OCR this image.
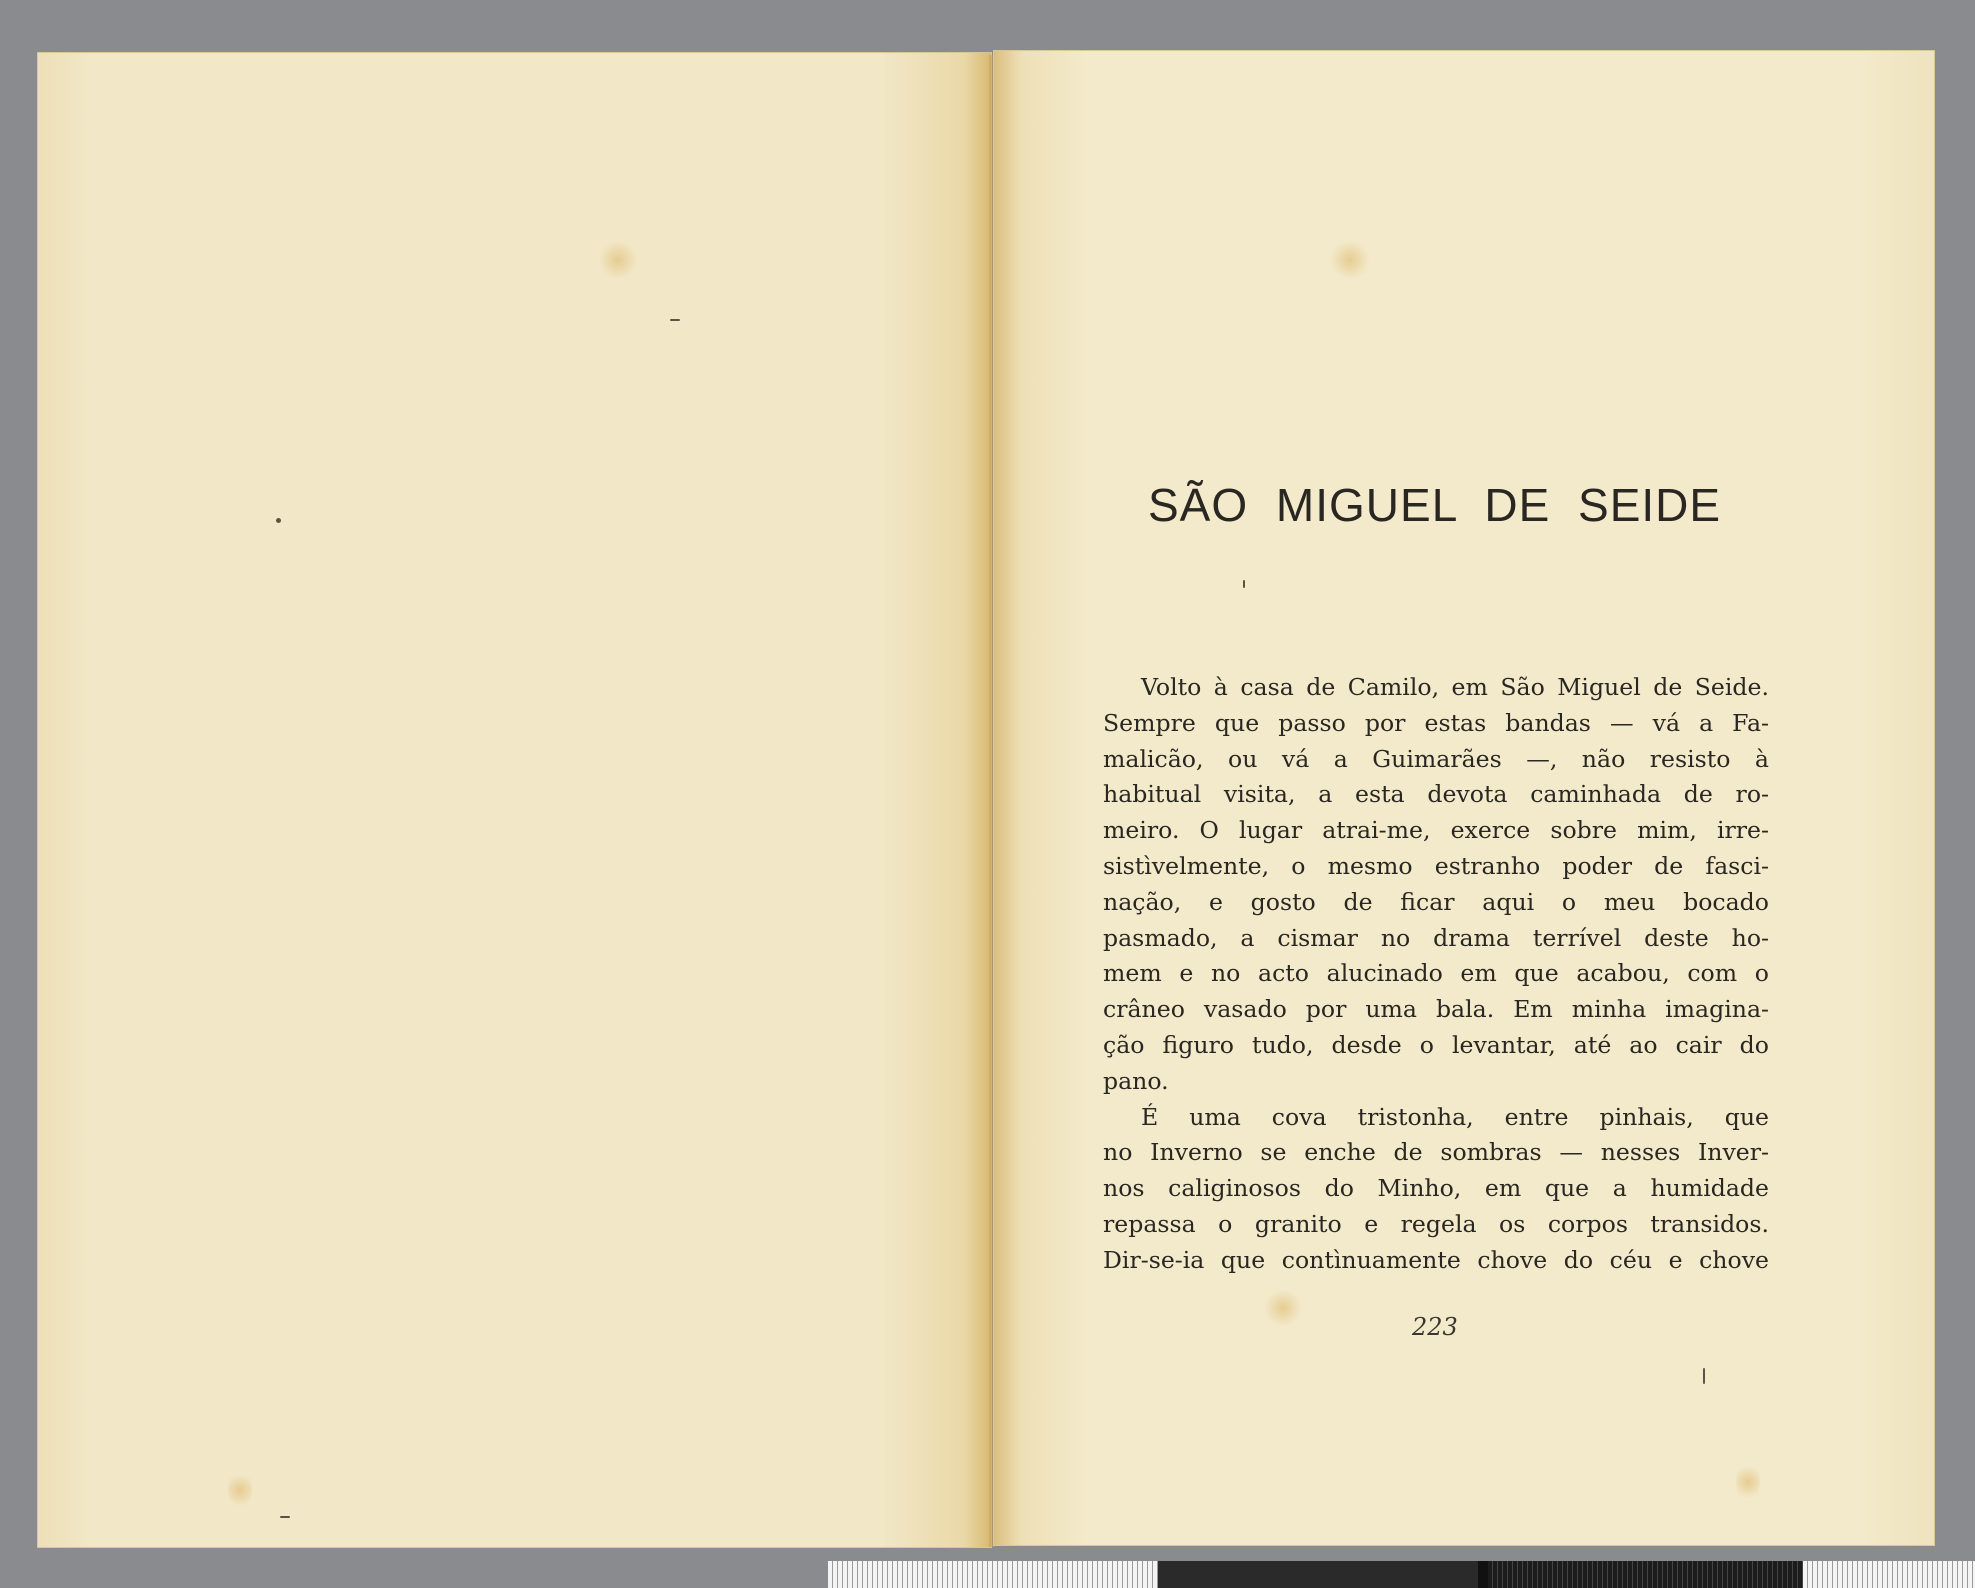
SÃO MIGUEL DE SEIDE
Volto à casa de Camilo, em São Miguel de Seide.
Sempre que passo por estas bandas — vá a Fa-
malicão, ou vá a Guimarães —, não resisto à
habitual visita, a esta devota caminhada de ro-
meiro. O lugar atrai-me, exerce sobre mim, irre-
sistìvelmente, o mesmo estranho poder de fasci-
nação, e gosto de ficar aqui o meu bocado
pasmado, a cismar no drama terrível deste ho-
mem e no acto alucinado em que acabou, com o
crâneo vasado por uma bala. Em minha imagina-
ção figuro tudo, desde o levantar, até ao cair do
pano.
É uma cova tristonha, entre pinhais, que
no Inverno se enche de sombras — nesses Inver-
nos caliginosos do Minho, em que a humidade
repassa o granito e regela os corpos transidos.
Dir-se-ia que contìnuamente chove do céu e chove
223
